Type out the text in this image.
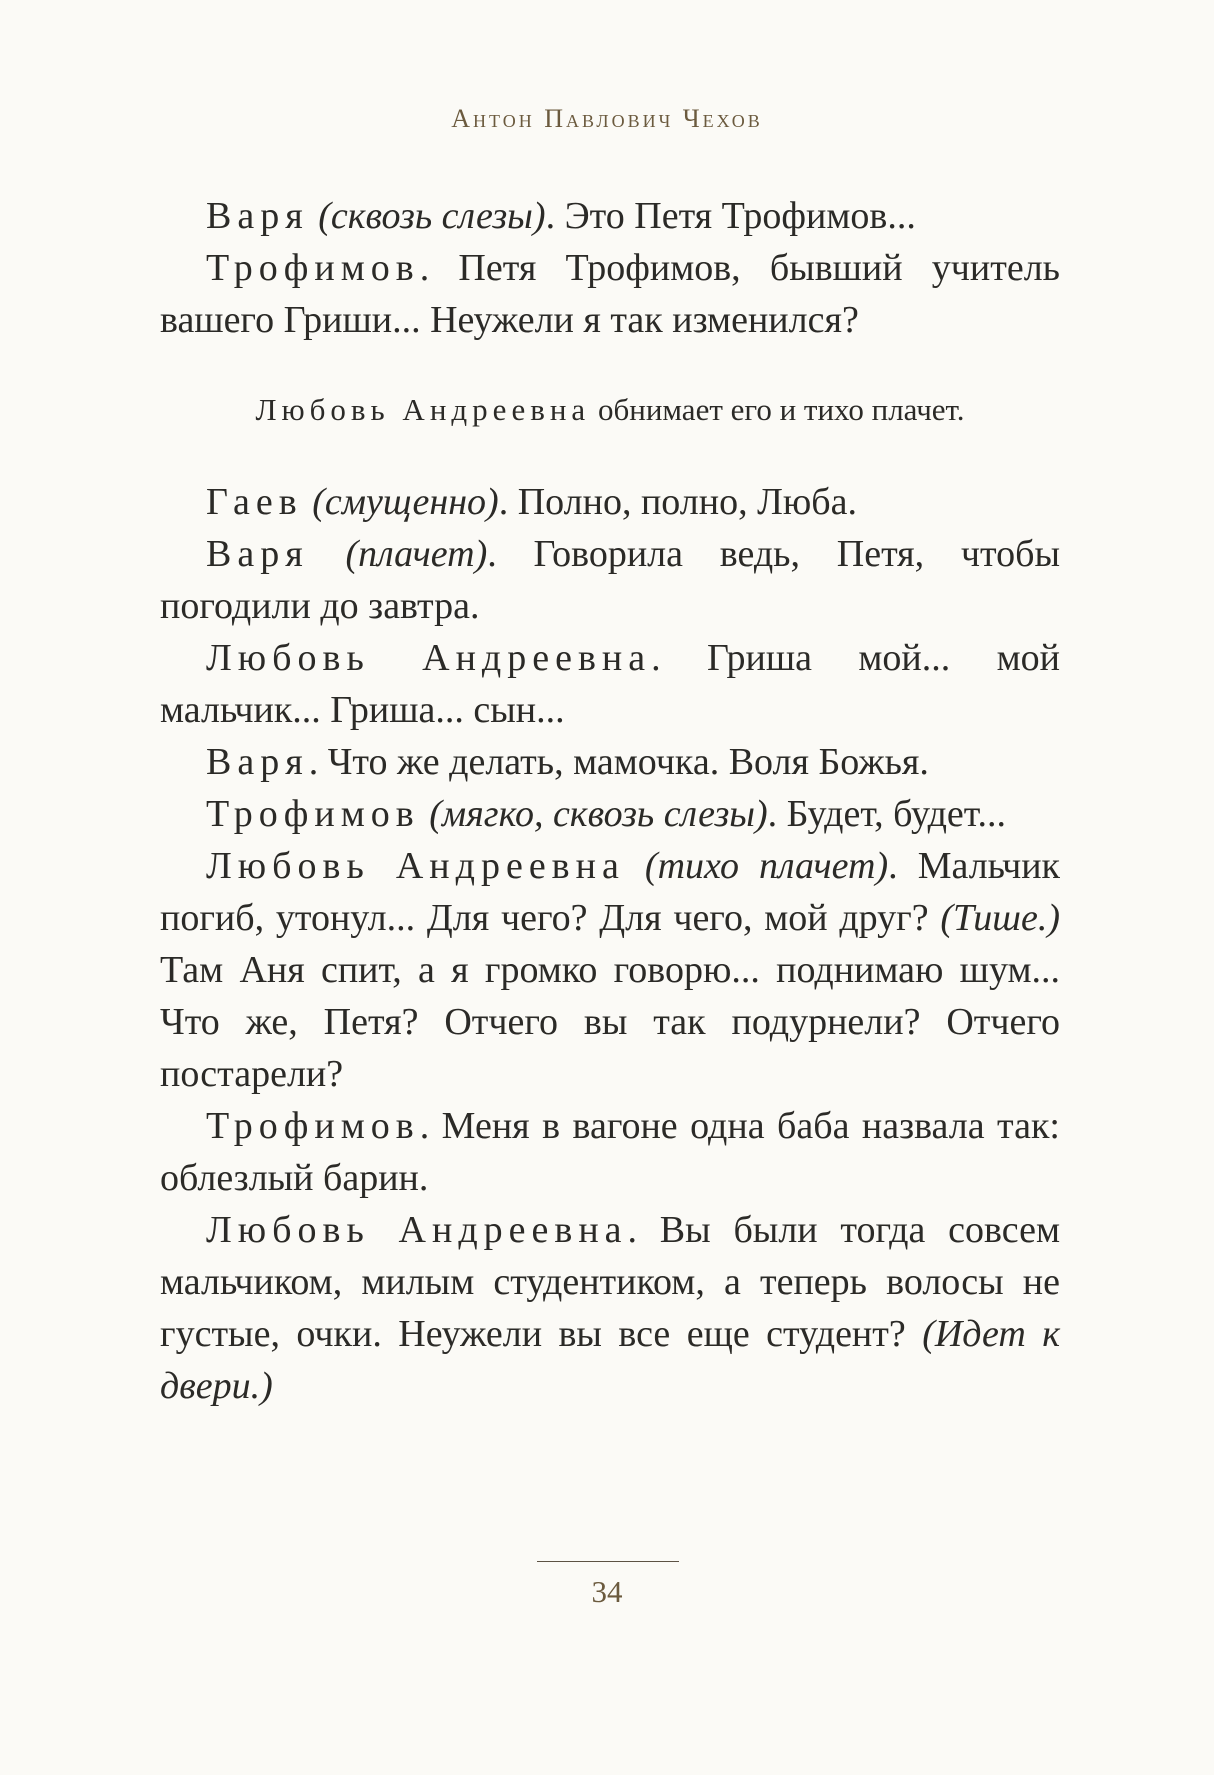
Антон Павлович Чехов

Варя (сквозь слезы). Это Петя Трофимов...

Трофимов. Петя Трофимов, бывший учитель вашего Гриши... Неужели я так изменился?

Любовь Андреевна обнимает его и тихо плачет.

Гаев (смущенно). Полно, полно, Люба.

Варя (плачет). Говорила ведь, Петя, чтобы погодили до завтра.

Любовь Андреевна. Гриша мой... мой мальчик... Гриша... сын...

Варя. Что же делать, мамочка. Воля Божья.

Трофимов (мягко, сквозь слезы). Будет, будет...

Любовь Андреевна (тихо плачет). Мальчик погиб, утонул... Для чего? Для чего, мой друг? (Тише.) Там Аня спит, а я громко говорю... поднимаю шум... Что же, Петя? Отчего вы так подурнели? Отчего постарели?

Трофимов. Меня в вагоне одна баба назвала так: облезлый барин.

Любовь Андреевна. Вы были тогда совсем мальчиком, милым студентиком, а теперь волосы не густые, очки. Неужели вы все еще студент? (Идет к двери.)

34
